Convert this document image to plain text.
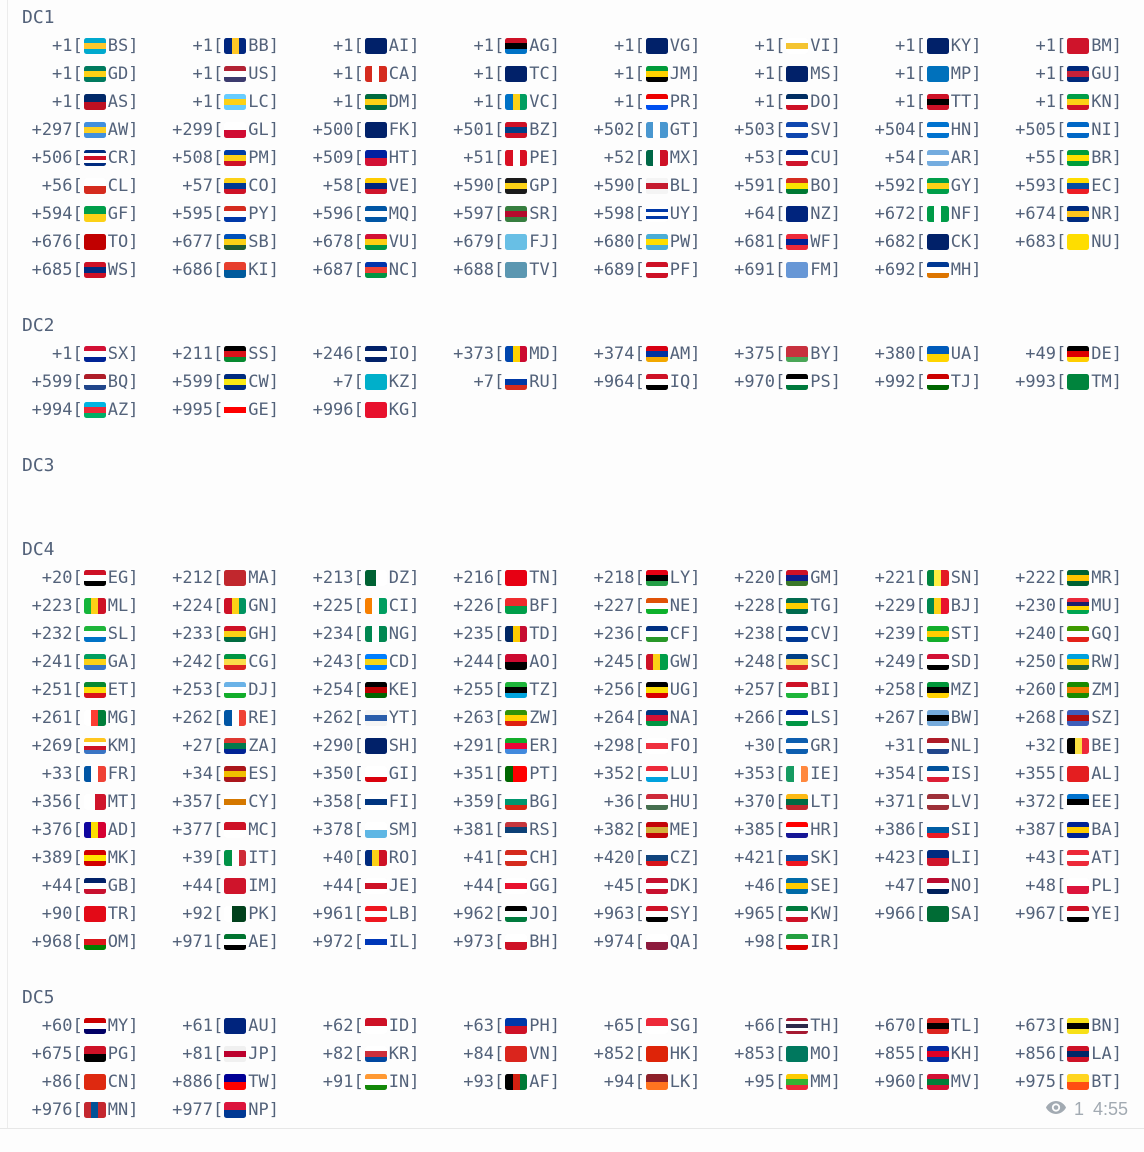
DC1
+1 [ BS ]	+1 [ BB ]	+1 [ AI ]	+1 [ AG ]	+1 [ VG ]	+1 [ VI ]	+1 [ KY ]	+1 [ BM ]
+1 [ GD ]	+1 [ US ]	+1 [ CA ]	+1 [ TC ]	+1 [ JM ]	+1 [ MS ]	+1 [ MP ]	+1 [ GU ]
+1 [ AS ]	+1 [ LC ]	+1 [ DM ]	+1 [ VC ]	+1 [ PR ]	+1 [ DO ]	+1 [ TT ]	+1 [ KN ]
+297 [ AW ] +299 [ GL ] +500 [ FK ] +501 [ BZ ] +502 [ GT ] +503 [ SV ] +504 [ HN ] +505 [ NI ]
+506 [ CR ] +508 [ PM ] +509 [ HT ]	+51 [ PE ]	+52 [ MX ]	+53 [ CU ]	+54 [ AR ]	+55 [ BR ]
+56 [ CL ]	+57 [ CO ]	+58 [ VE ] +590 [ GP ] +590 [ BL ] +591 [ BO ] +592 [ GY ] +593 [ EC ]
+594 [ GF ] +595 [ PY ] +596 [ MQ ] +597 [ SR ] +598 [ UY ]	+64 [ NZ ] +672 [ NF ] +674 [ NR ]
+676 [ TO ] +677 [ SB ] +678 [ VU ] +679 [ FJ ] +680 [ PW ] +681 [ WF ] +682 [ CK ] +683 [ NU ]
+685 [ WS ] +686 [ KI ] +687 [ NC ] +688 [ TV ] +689 [ PF ] +691 [ FM ] +692 [ MH ]
DC2
+1 [ SX ] +211 [ SS ] +246 [ IO ] +373 [ MD ] +374 [ AM ] +375 [ BY ] +380 [ UA ]	+49 [ DE ]
+599 [ BQ ] +599 [ CW ]	+7 [ KZ ]	+7 [ RU ] +964 [ IQ ] +970 [ PS ] +992 [ TJ ] +993 [ TM ]
+994 [ AZ ] +995 [ GE ] +996 [ KG ]
DC3
DC4
+20 [ EG ] +212 [ MA ] +213 [ DZ ] +216 [ TN ] +218 [ LY ] +220 [ GM ] +221 [ SN ] +222 [ MR ]
+223 [ ML ] +224 [ GN ] +225 [ CI ] +226 [ BF ] +227 [ NE ] +228 [ TG ] +229 [ BJ ] +230 [ MU ]
+232 [ SL ] +233 [ GH ] +234 [ NG ] +235 [ TD ] +236 [ CF ] +238 [ CV ] +239 [ ST ] +240 [ GQ ]
+241 [ GA ] +242 [ CG ] +243 [ CD ] +244 [ AO ] +245 [ GW ] +248 [ SC ] +249 [ SD ] +250 [ RW ]
+251 [ ET ] +253 [ DJ ] +254 [ KE ] +255 [ TZ ] +256 [ UG ] +257 [ BI ] +258 [ MZ ] +260 [ ZM ]
+261 [ MG ] +262 [ RE ] +262 [ YT ] +263 [ ZW ] +264 [ NA ] +266 [ LS ] +267 [ BW ] +268 [ SZ ]
+269 [ KM ]	+27 [ ZA ] +290 [ SH ] +291 [ ER ] +298 [ FO ]	+30 [ GR ]	+31 [ NL ]	+32 [ BE ]
+33 [ FR ]	+34 [ ES ] +350 [ GI ] +351 [ PT ] +352 [ LU ] +353 [ IE ] +354 [ IS ] +355 [ AL ]
+356 [ MT ] +357 [ CY ] +358 [ FI ] +359 [ BG ]	+36 [ HU ] +370 [ LT ] +371 [ LV ] +372 [ EE ]
+376 [ AD ] +377 [ MC ] +378 [ SM ] +381 [ RS ] +382 [ ME ] +385 [ HR ] +386 [ SI ] +387 [ BA ]
+389 [ MK ]	+39 [ IT ]	+40 [ RO ]	+41 [ CH ] +420 [ CZ ] +421 [ SK ] +423 [ LI ]	+43 [ AT ]
+44 [ GB ]	+44 [ IM ]	+44 [ JE ]	+44 [ GG ]	+45 [ DK ]	+46 [ SE ]	+47 [ NO ]	+48 [ PL ]
+90 [ TR ]	+92 [ PK ] +961 [ LB ] +962 [ JO ] +963 [ SY ] +965 [ KW ] +966 [ SA ] +967 [ YE ]
+968 [ OM ] +971 [ AE ] +972 [ IL ] +973 [ BH ] +974 [ QA ]	+98 [ IR ]
DC5
+60 [ MY ]	+61 [ AU ]	+62 [ ID ]	+63 [ PH ]	+65 [ SG ]	+66 [ TH ] +670 [ TL ] +673 [ BN ]
+675 [ PG ]	+81 [ JP ]	+82 [ KR ]	+84 [ VN ] +852 [ HK ] +853 [ MO ] +855 [ KH ] +856 [ LA ]
+86 [ CN ] +886 [ TW ]	+91 [ IN ]	+93 [ AF ]	+94 [ LK ]	+95 [ MM ] +960 [ MV ] +975 [ BT ]
+976 [ MN ] +977 [ NP ]	1 4:55
